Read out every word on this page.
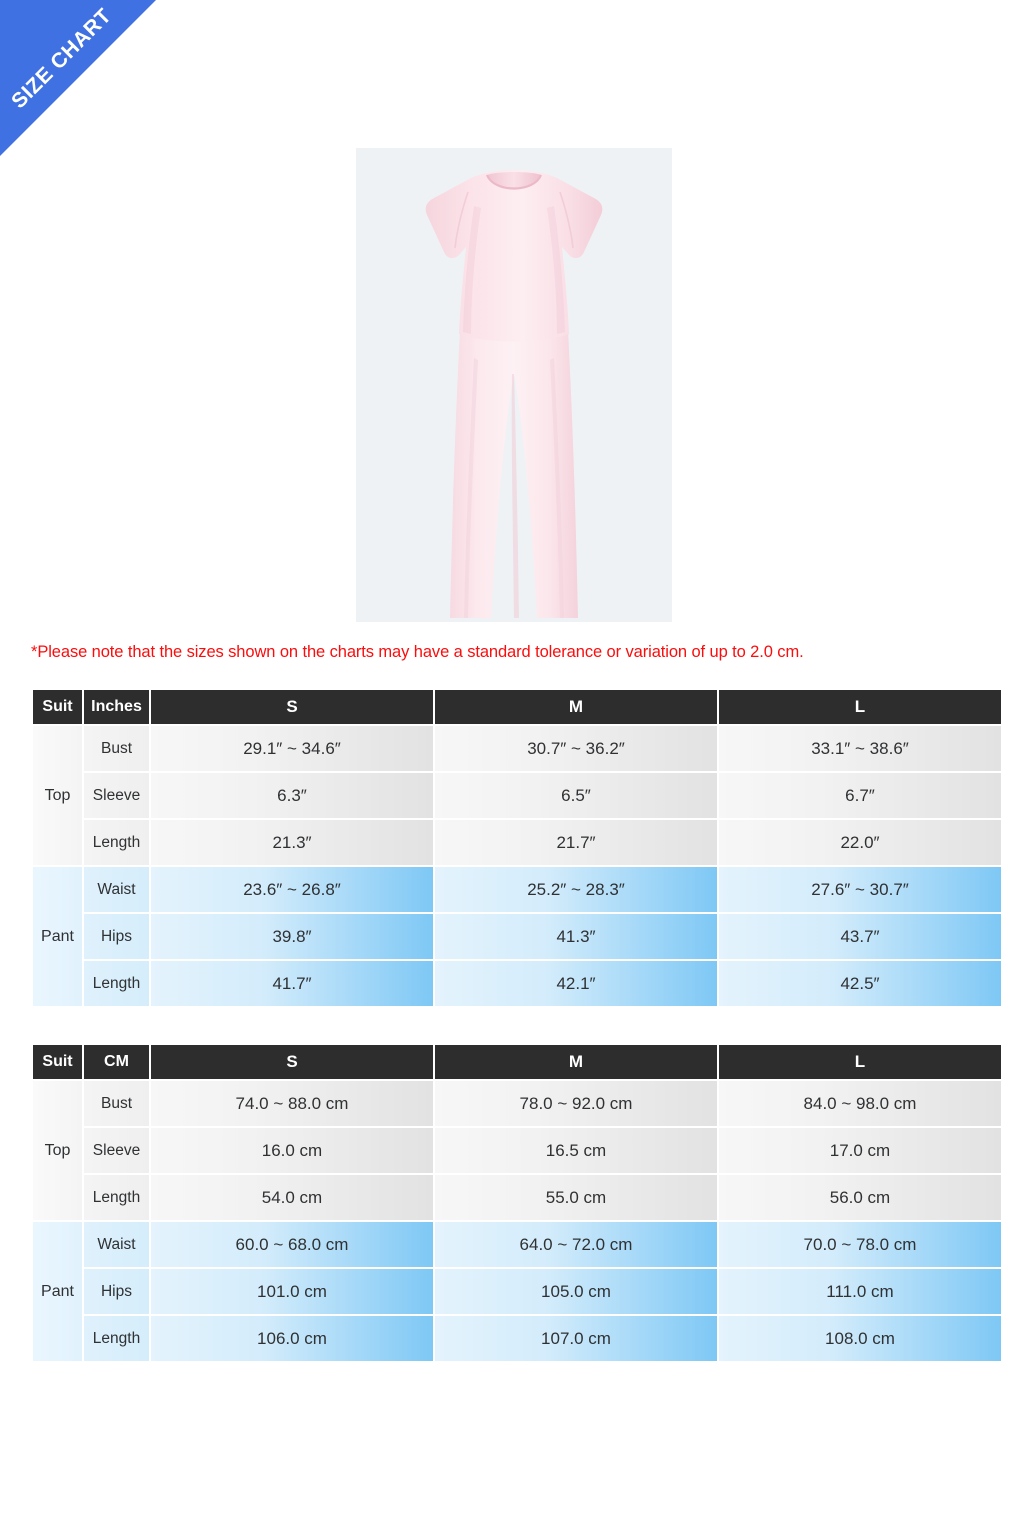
SIZE CHART
*Please note that the sizes shown on the charts may have a standard tolerance or variation of up to 2.0 cm.
Suit	Inches	S	M	L
Top	Bust	29.1″ ~ 34.6″	30.7″ ~ 36.2″	33.1″ ~ 38.6″
	Sleeve	6.3″	6.5″	6.7″
	Length	21.3″	21.7″	22.0″
Pant	Waist	23.6″ ~ 26.8″	25.2″ ~ 28.3″	27.6″ ~ 30.7″
	Hips	39.8″	41.3″	43.7″
	Length	41.7″	42.1″	42.5″
Suit	CM	S	M	L
Top	Bust	74.0 ~ 88.0 cm	78.0 ~ 92.0 cm	84.0 ~ 98.0 cm
	Sleeve	16.0 cm	16.5 cm	17.0 cm
	Length	54.0 cm	55.0 cm	56.0 cm
Pant	Waist	60.0 ~ 68.0 cm	64.0 ~ 72.0 cm	70.0 ~ 78.0 cm
	Hips	101.0 cm	105.0 cm	111.0 cm
	Length	106.0 cm	107.0 cm	108.0 cm
